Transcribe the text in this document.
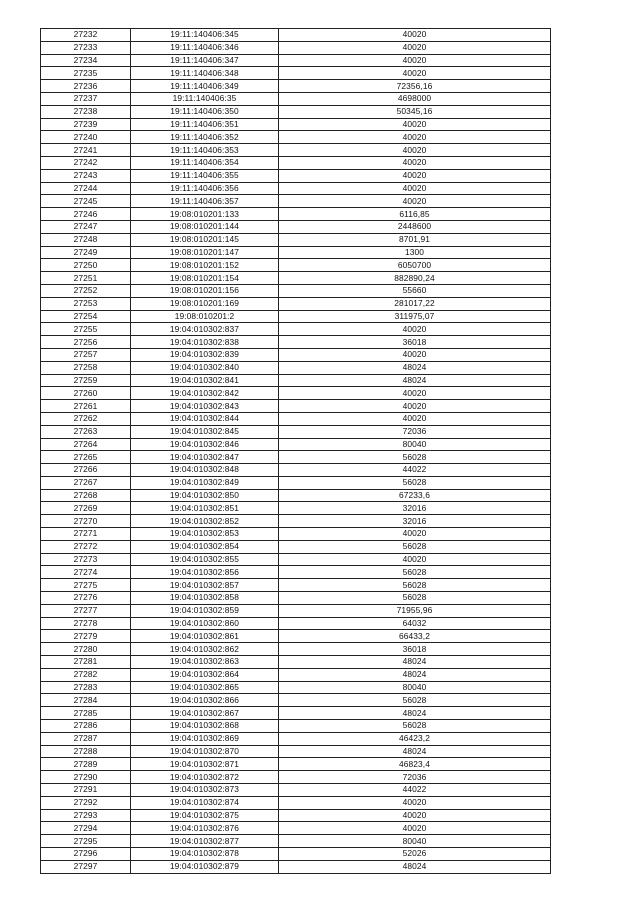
27232	19:11:140406:345	40020
27233	19:11:140406:346	40020
27234	19:11:140406:347	40020
27235	19:11:140406:348	40020
27236	19:11:140406:349	72356,16
27237	19:11:140406:35	4698000
27238	19:11:140406:350	50345,16
27239	19:11:140406:351	40020
27240	19:11:140406:352	40020
27241	19:11:140406:353	40020
27242	19:11:140406:354	40020
27243	19:11:140406:355	40020
27244	19:11:140406:356	40020
27245	19:11:140406:357	40020
27246	19:08:010201:133	6116,85
27247	19:08:010201:144	2448600
27248	19:08:010201:145	8701,91
27249	19:08:010201:147	1300
27250	19:08:010201:152	6050700
27251	19:08:010201:154	882890,24
27252	19:08:010201:156	55660
27253	19:08:010201:169	281017,22
27254	19:08:010201:2	311975,07
27255	19:04:010302:837	40020
27256	19:04:010302:838	36018
27257	19:04:010302:839	40020
27258	19:04:010302:840	48024
27259	19:04:010302:841	48024
27260	19:04:010302:842	40020
27261	19:04:010302:843	40020
27262	19:04:010302:844	40020
27263	19:04:010302:845	72036
27264	19:04:010302:846	80040
27265	19:04:010302:847	56028
27266	19:04:010302:848	44022
27267	19:04:010302:849	56028
27268	19:04:010302:850	67233,6
27269	19:04:010302:851	32016
27270	19:04:010302:852	32016
27271	19:04:010302:853	40020
27272	19:04:010302:854	56028
27273	19:04:010302:855	40020
27274	19:04:010302:856	56028
27275	19:04:010302:857	56028
27276	19:04:010302:858	56028
27277	19:04:010302:859	71955,96
27278	19:04:010302:860	64032
27279	19:04:010302:861	66433,2
27280	19:04:010302:862	36018
27281	19:04:010302:863	48024
27282	19:04:010302:864	48024
27283	19:04:010302:865	80040
27284	19:04:010302:866	56028
27285	19:04:010302:867	48024
27286	19:04:010302:868	56028
27287	19:04:010302:869	46423,2
27288	19:04:010302:870	48024
27289	19:04:010302:871	46823,4
27290	19:04:010302:872	72036
27291	19:04:010302:873	44022
27292	19:04:010302:874	40020
27293	19:04:010302:875	40020
27294	19:04:010302:876	40020
27295	19:04:010302:877	80040
27296	19:04:010302:878	52026
27297	19:04:010302:879	48024
